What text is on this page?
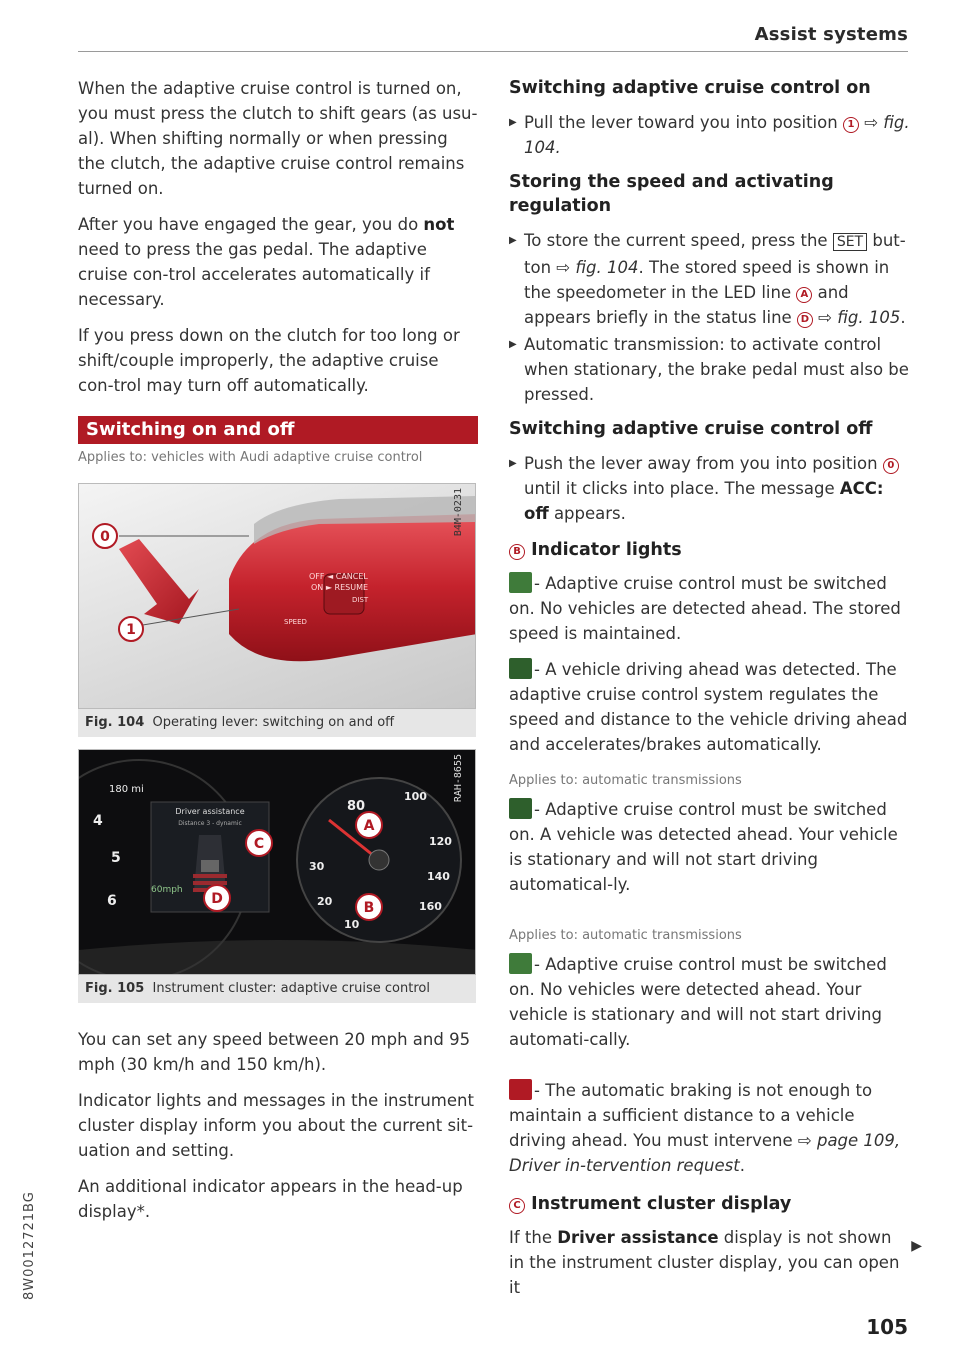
Assist systems

When the adaptive cruise control is turned on, you must press the clutch to shift gears (as usu-al). When shifting normally or when pressing the clutch, the adaptive cruise control remains turned on.

After you have engaged the gear, you do not need to press the gas pedal. The adaptive cruise con-trol accelerates automatically if necessary.

If you press down on the clutch for too long or shift/couple improperly, the adaptive cruise con-trol may turn off automatically.

Switching on and off
Applies to: vehicles with Audi adaptive cruise control
OFF ◄ CANCEL
ON ► RESUME
SPEED
DIST
0
1
B4M-0231
Fig. 104 Operating lever: switching on and off
4
5
6
180 mi
Driver assistance
Distance 3 - dynamic
60mph
80
100
120
140
160
20
30
10
A
B
C
D
RAH-8655
Fig. 105 Instrument cluster: adaptive cruise control

You can set any speed between 20 mph and 95 mph (30 km/h and 150 km/h).

Indicator lights and messages in the instrument cluster display inform you about the current sit-uation and setting.

An additional indicator appears in the head-up display*.

Switching adaptive cruise control on
▶ Pull the lever toward you into position 1 ⇨ fig. 104.
Storing the speed and activating regulation
▶ To store the current speed, press the SET but-ton ⇨ fig. 104. The stored speed is shown in the speedometer in the LED line A and appears briefly in the status line D ⇨ fig. 105.
▶ Automatic transmission: to activate control when stationary, the brake pedal must also be pressed.
Switching adaptive cruise control off
▶ Push the lever away from you into position 0 until it clicks into place. The message ACC: off appears.
B Indicator lights

- Adaptive cruise control must be switched on. No vehicles are detected ahead. The stored speed is maintained.

- A vehicle driving ahead was detected. The adaptive cruise control system regulates the speed and distance to the vehicle driving ahead and accelerates/brakes automatically.

Applies to: automatic transmissions

- Adaptive cruise control must be switched on. A vehicle was detected ahead. Your vehicle is stationary and will not start driving automatical-ly.

Applies to: automatic transmissions

- Adaptive cruise control must be switched on. No vehicles were detected ahead. Your vehicle is stationary and will not start driving automati-cally.

- The automatic braking is not enough to maintain a sufficient distance to a vehicle driving ahead. You must intervene ⇨ page 109, Driver in-tervention request.

C Instrument cluster display

If the Driver assistance display is not shown in the instrument cluster display, you can open it

▶
8W0012721BG
105
